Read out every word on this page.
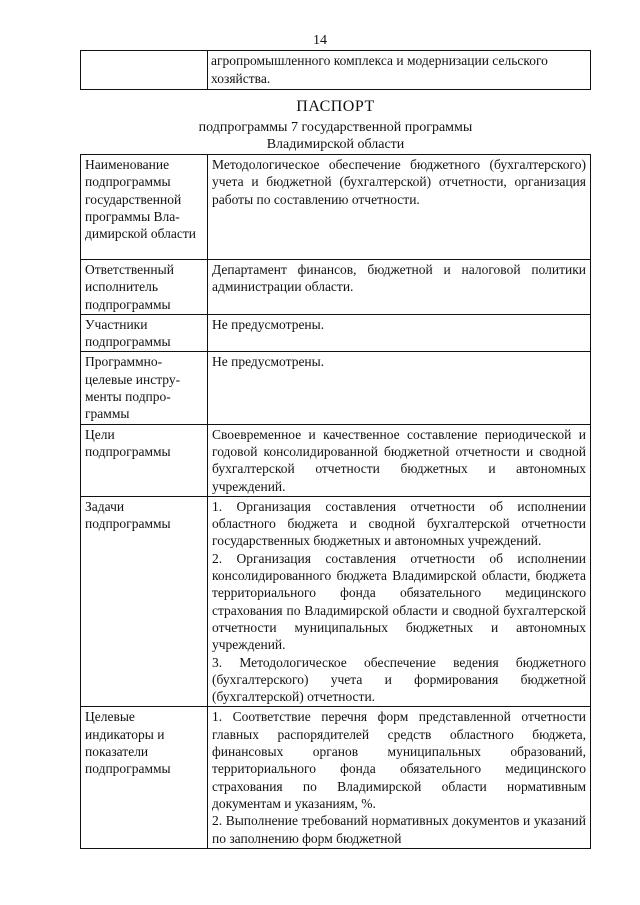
14
	агропромышленного комплекса и модернизации сельского хозяйства.
ПАСПОРТ
подпрограммы 7 государственной программы
Владимирской области
Наименование подпрограммы государственной программы Владимирской области	Методологическое обеспечение бюджетного (бухгалтерского) учета и бюджетной (бухгалтерской) отчетности, организация работы по составлению отчетности.

Ответственный исполнитель подпрограммы	Департамент финансов, бюджетной и налоговой политики администрации области.

Участники подпрограммы	Не предусмотрены.

Программно-целевые инструменты подпрограммы	Не предусмотрены.

Цели подпрограммы	Своевременное и качественное составление периодической и годовой консолидированной бюджетной отчетности и сводной бухгалтерской отчетности бюджетных и автономных учреждений.

Задачи подпрограммы	1. Организация составления отчетности об исполнении областного бюджета и сводной бухгалтерской отчетности государственных бюджетных и автономных учреждений.

2. Организация составления отчетности об исполнении консолидированного бюджета Владимирской области, бюджета территориального фонда обязательного медицинского страхования по Владимирской области и сводной бухгалтерской отчетности муниципальных бюджетных и автономных учреждений.

3. Методологическое обеспечение ведения бюджетного (бухгалтерского) учета и формирования бюджетной (бухгалтерской) отчетности.

Целевые индикаторы и показатели подпрограммы	1. Соответствие перечня форм представленной отчетности главных распорядителей средств областного бюджета, финансовых органов муниципальных образований, территориального фонда обязательного медицинского страхования по Владимирской области нормативным документам и указаниям, %.

2. Выполнение требований нормативных документов и указаний по заполнению форм бюджетной
